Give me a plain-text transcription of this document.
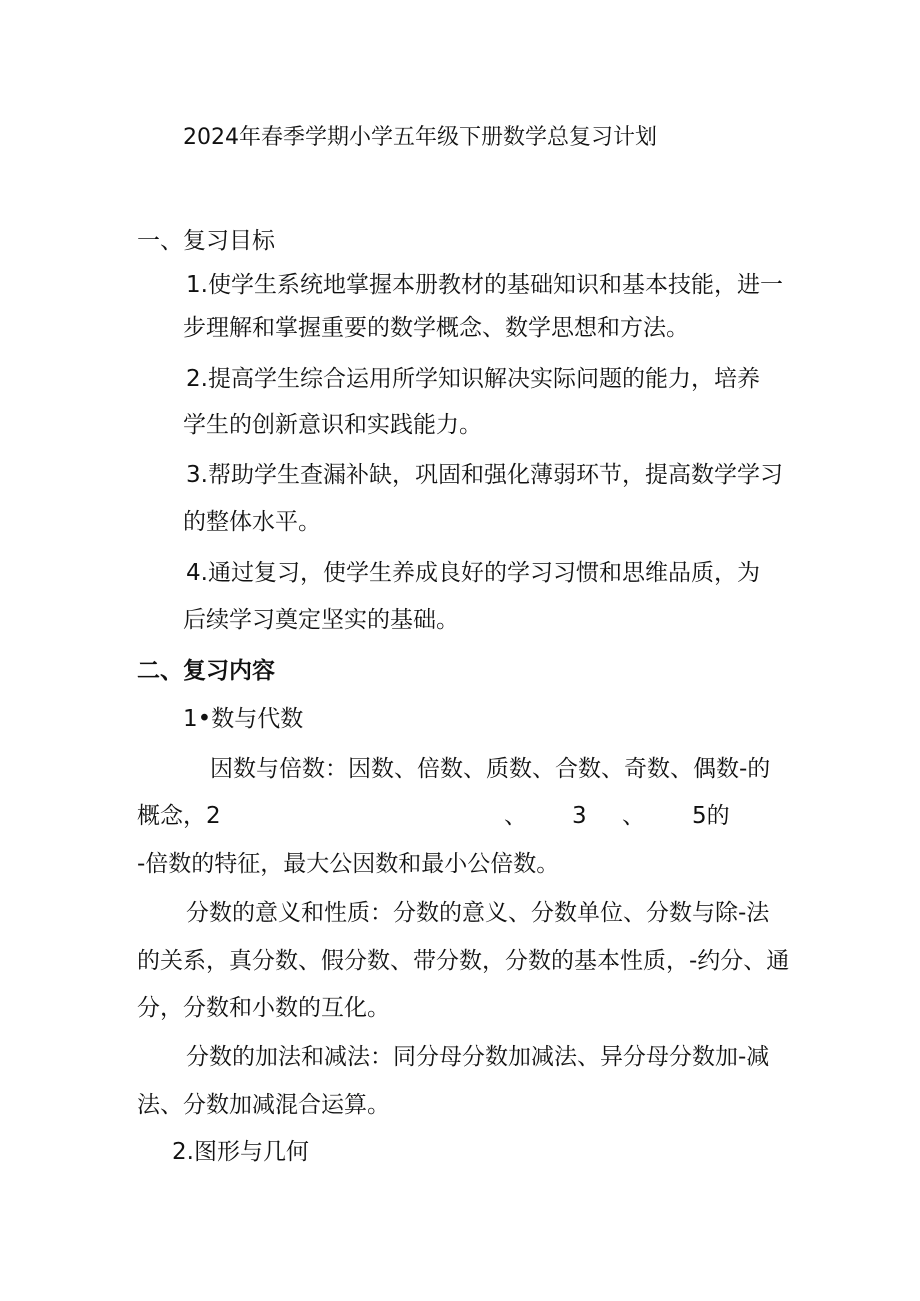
2024年春季学期小学五年级下册数学总复习计划
一、复习目标
1.使学生系统地掌握本册教材的基础知识和基本技能，进一
步理解和掌握重要的数学概念、数学思想和方法。
2.提高学生综合运用所学知识解决实际问题的能力，培养
学生的创新意识和实践能力。
3.帮助学生查漏补缺，巩固和强化薄弱环节，提高数学学习
的整体水平。
4.通过复习，使学生养成良好的学习习惯和思维品质，为
后续学习奠定坚实的基础。
二、复习内容
1•数与代数
因数与倍数：因数、倍数、质数、合数、奇数、偶数-的
概念，2	、 3 、 5的
-倍数的特征，最大公因数和最小公倍数。
分数的意义和性质：分数的意义、分数单位、分数与除-法
的关系，真分数、假分数、带分数，分数的基本性质，-约分、通
分，分数和小数的互化。
分数的加法和减法：同分母分数加减法、异分母分数加-减
法、分数加减混合运算。
2.图形与几何
